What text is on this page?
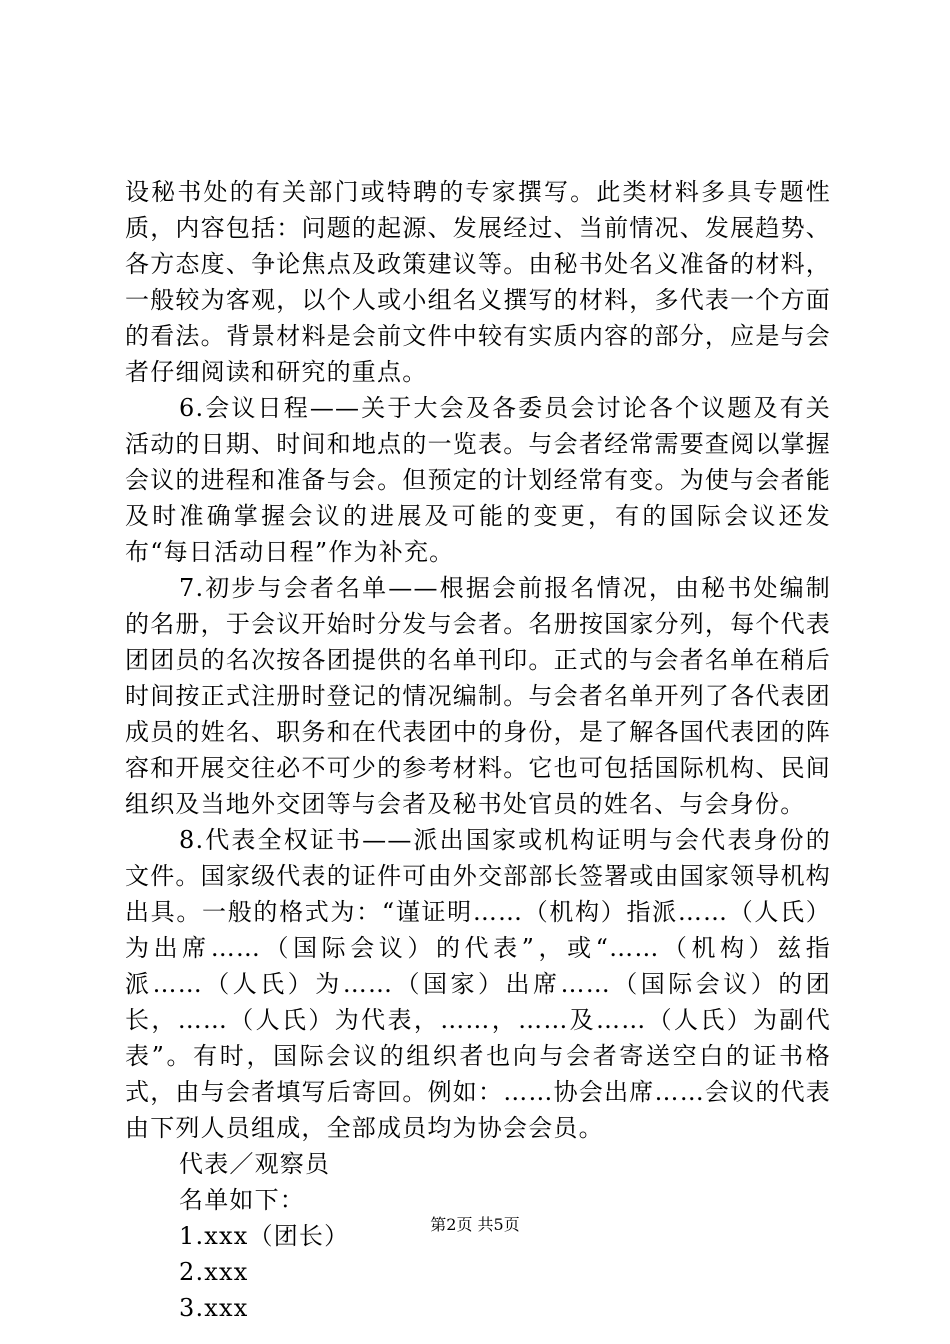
设秘书处的有关部门或特聘的专家撰写。此类材料多具专题性质，内容包括：问题的起源、发展经过、当前情况、发展趋势、各方态度、争论焦点及政策建议等。由秘书处名义准备的材料，一般较为客观，以个人或小组名义撰写的材料，多代表一个方面的看法。背景材料是会前文件中较有实质内容的部分，应是与会者仔细阅读和研究的重点。

6.会议日程——关于大会及各委员会讨论各个议题及有关活动的日期、时间和地点的一览表。与会者经常需要查阅以掌握会议的进程和准备与会。但预定的计划经常有变。为使与会者能及时准确掌握会议的进展及可能的变更，有的国际会议还发布“每日活动日程”作为补充。

7.初步与会者名单——根据会前报名情况，由秘书处编制的名册，于会议开始时分发与会者。名册按国家分列，每个代表团团员的名次按各团提供的名单刊印。正式的与会者名单在稍后时间按正式注册时登记的情况编制。与会者名单开列了各代表团成员的姓名、职务和在代表团中的身份，是了解各国代表团的阵容和开展交往必不可少的参考材料。它也可包括国际机构、民间组织及当地外交团等与会者及秘书处官员的姓名、与会身份。

8.代表全权证书——派出国家或机构证明与会代表身份的文件。国家级代表的证件可由外交部部长签署或由国家领导机构出具。一般的格式为：“谨证明……（机构）指派……（人氏）为出席……（国际会议）的代表”，或“……（机构）兹指派……（人氏）为……（国家）出席……（国际会议）的团长，……（人氏）为代表，……，……及……（人氏）为副代表”。有时，国际会议的组织者也向与会者寄送空白的证书格式，由与会者填写后寄回。例如：……协会出席……会议的代表由下列人员组成，全部成员均为协会会员。

代表／观察员

名单如下：

1.xxx（团长）

2.xxx

3.xxx

第2页 共5页
